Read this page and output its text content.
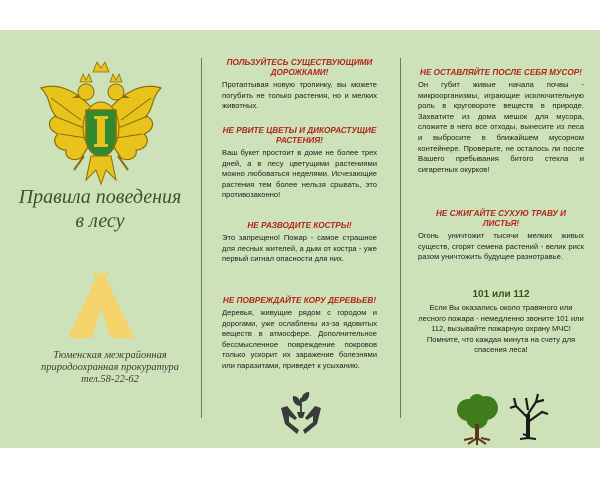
Правила поведения
в лесу
Тюменская межрайонная
природоохранная прокуратура
тел.58-22-62

ПОЛЬЗУЙТЕСЬ СУЩЕСТВУЮЩИМИ ДОРОЖКАМИ!

Протаптывая новую тропинку, вы можете погубить не только растения, но и мелких животных.

НЕ РВИТЕ ЦВЕТЫ И ДИКОРАСТУЩИЕ РАСТЕНИЯ!

Ваш букет простоит в доме не более трех дней, а в лесу цветущими растениями можно любоваться неделями. Исчезающие растения тем более нельзя срывать, это противозаконно!

НЕ РАЗВОДИТЕ КОСТРЫ!

Это запрещено! Пожар - самое страшное для лесных жителей, а дым от костра - уже первый сигнал опасности для них.

НЕ ПОВРЕЖДАЙТЕ КОРУ ДЕРЕВЬЕВ!

Деревья, живущие рядом с городом и дорогами, уже ослаблены из-за ядовитых веществ в атмосфере. Дополнительное бессмысленное повреждение покровов только ускорит их заражение болезнями или паразитами, приведет к усыханию.

НЕ ОСТАВЛЯЙТЕ ПОСЛЕ СЕБЯ МУСОР!

Он губит живые начала почвы - микроорганизмы, играющие исключительную роль в круговороте веществ в природе. Захватите из дома мешок для мусора, сложите в него все отходы, вынесите из леса и выбросите в ближайшем мусорном контейнере. Проверьте, не осталось ли после Вашего пребывания битого стекла и сигаретных окурков!

НЕ СЖИГАЙТЕ СУХУЮ ТРАВУ И ЛИСТЬЯ!

Огонь уничтожит тысячи мелких живых существ, сгорят семена растений - велик риск разом уничтожить будущее разнотравье.

101 или 112

Если Вы оказались около травяного или лесного пожара - немедленно звоните 101 или 112, вызывайте пожарную охрану МЧС!

Помните, что каждая минута на счету для спасения леса!
